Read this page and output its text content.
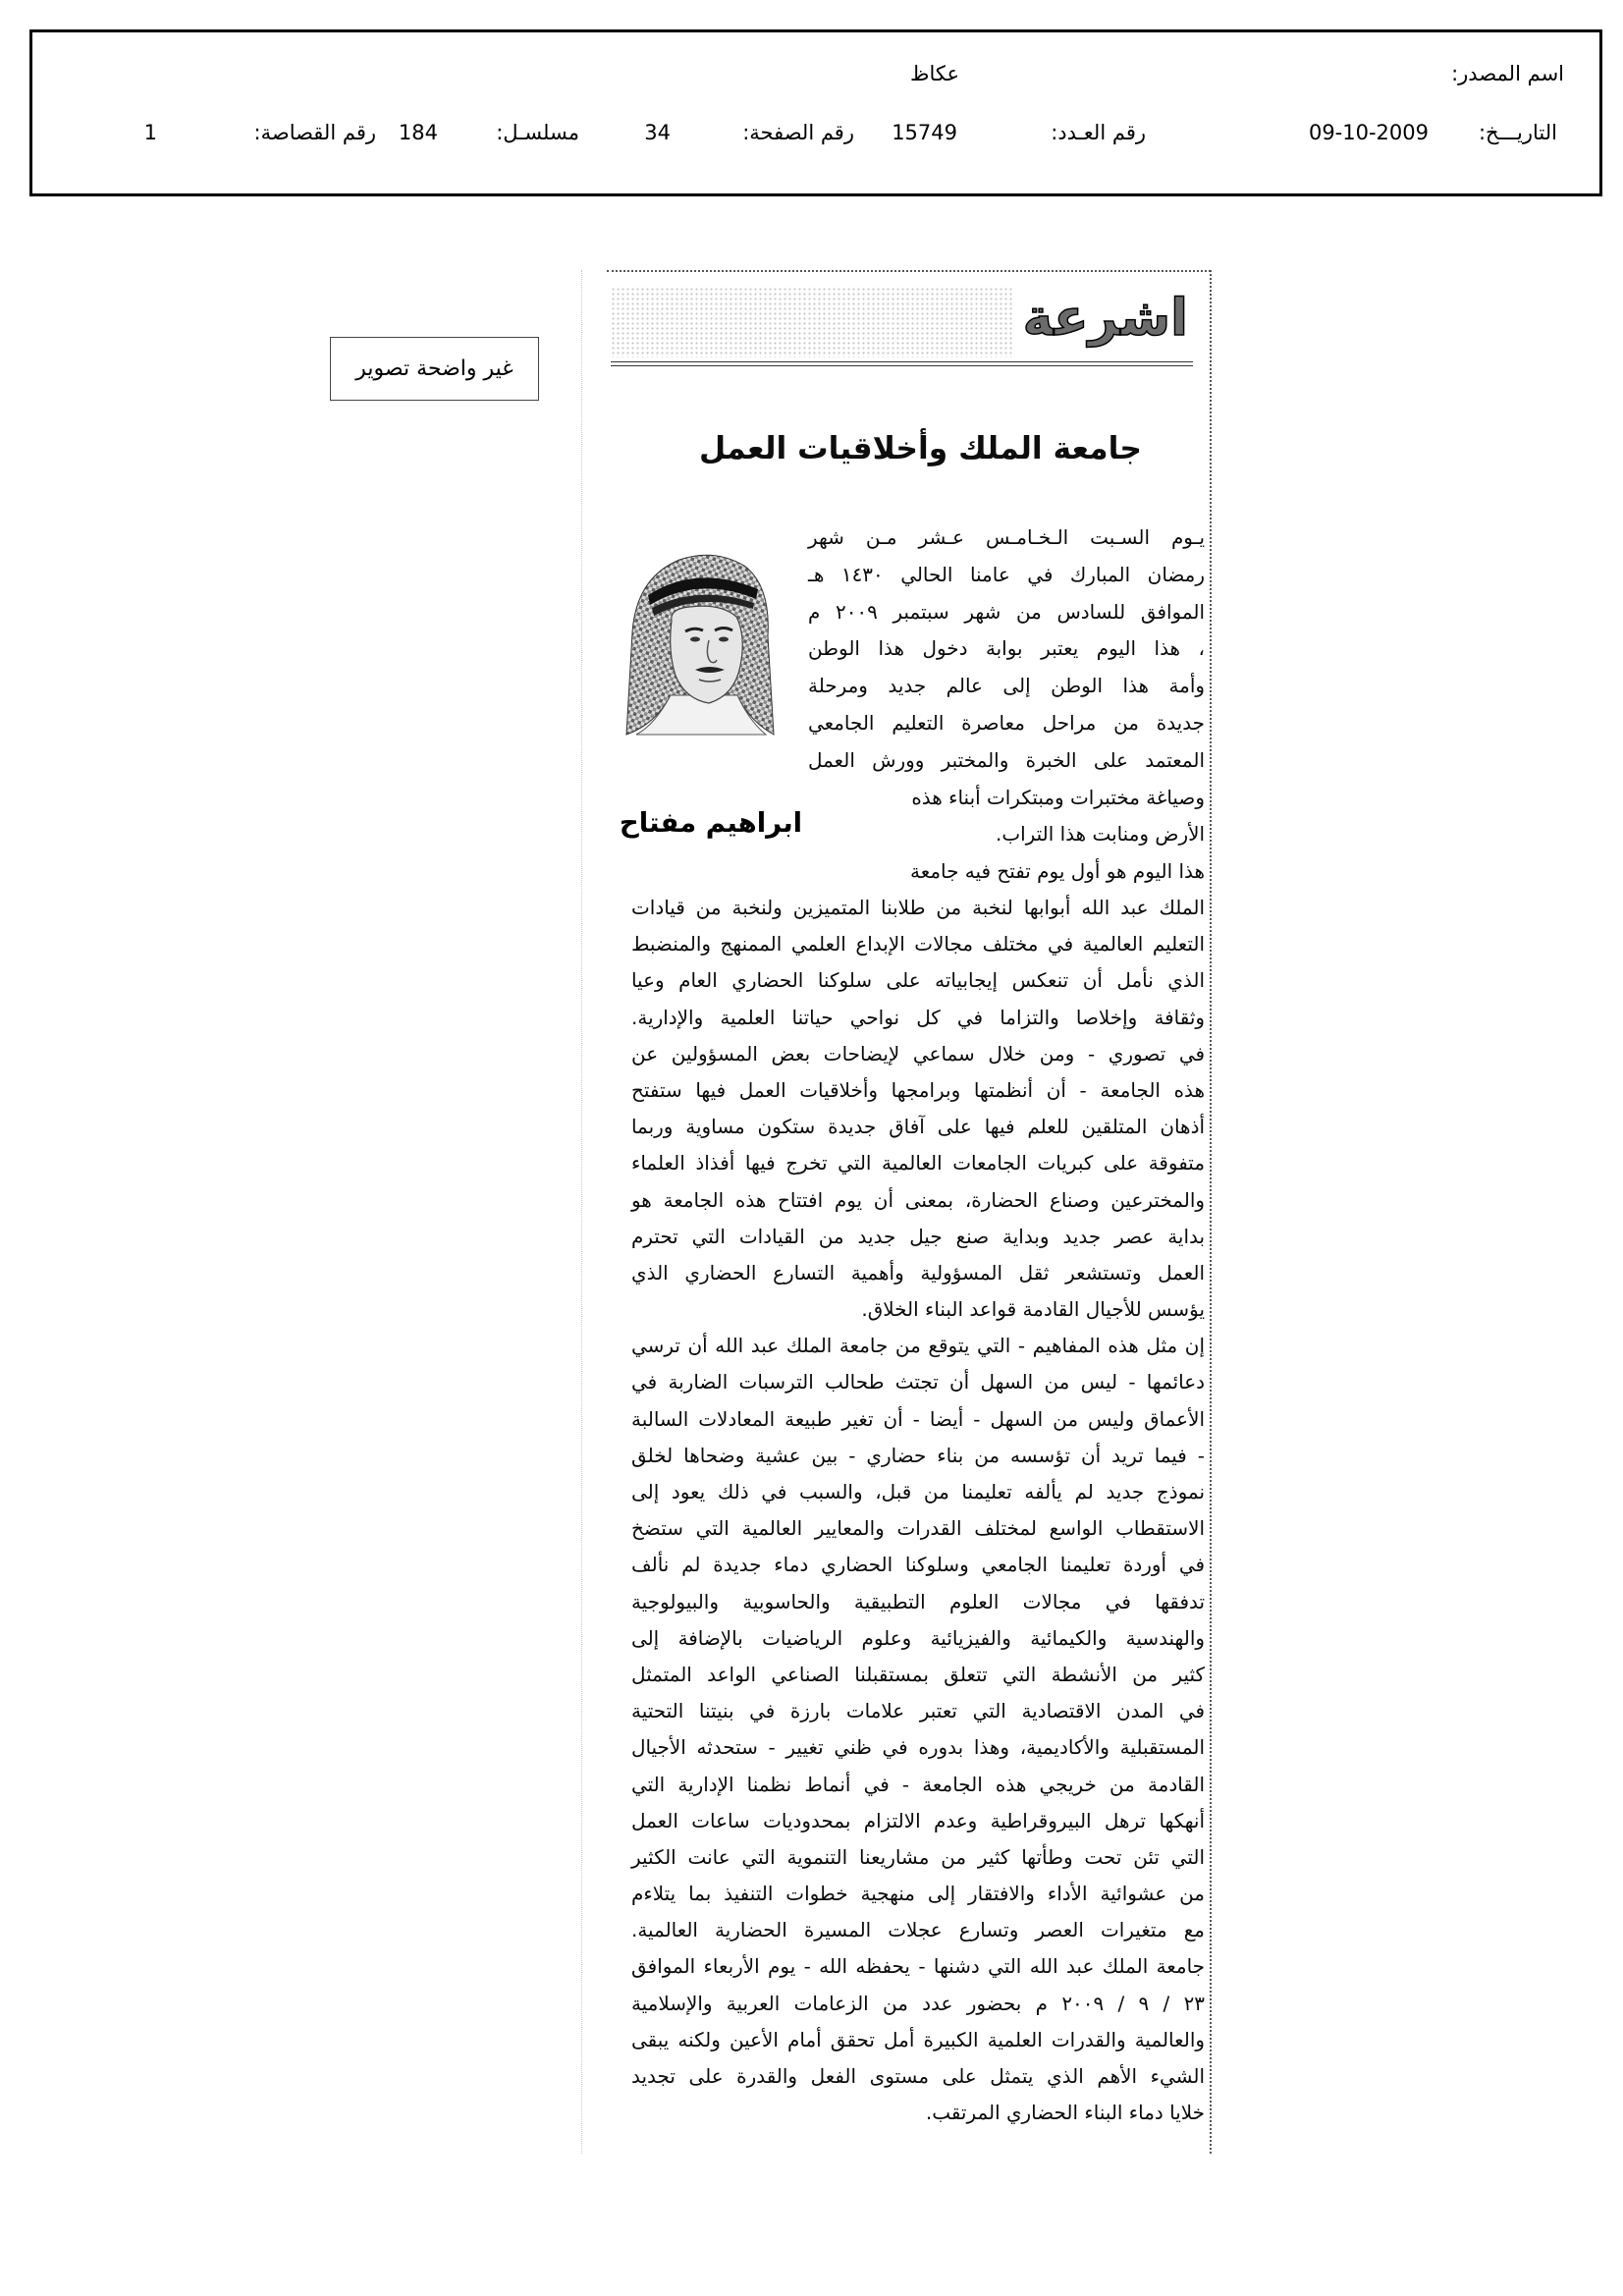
اسم المصدر:
عكاظ
التاريـــخ:
09-10-2009
رقم العـدد:
15749
رقم الصفحة:
34
مسلسـل:
184
رقم القصاصة:
1
غير واضحة تصوير
اشرعة
جامعة الملك وأخلاقيات العمل
ابراهيم مفتاح
يـوم السـبت الـخـامـس عـشر مـن شهر
رمضان المبارك في عامنا الحالي ١٤٣٠ هـ
الموافق للسادس من شهر سبتمبر ٢٠٠٩ م
، هذا اليوم يعتبر بوابة دخول هذا الوطن
وأمة هذا الوطن إلى عالم جديد ومرحلة
جديدة من مراحل معاصرة التعليم الجامعي
المعتمد على الخبرة والمختبر وورش العمل
وصياغة مختبرات ومبتكرات أبناء هذه
الأرض ومنابت هذا التراب.
هذا اليوم هو أول يوم تفتح فيه جامعة
الملك عبد الله أبوابها لنخبة من طلابنا المتميزين ولنخبة من قيادات
التعليم العالمية في مختلف مجالات الإبداع العلمي الممنهج والمنضبط
الذي نأمل أن تنعكس إيجابياته على سلوكنا الحضاري العام وعيا
وثقافة وإخلاصا والتزاما في كل نواحي حياتنا العلمية والإدارية.
في تصوري - ومن خلال سماعي لإيضاحات بعض المسؤولين عن
هذه الجامعة - أن أنظمتها وبرامجها وأخلاقيات العمل فيها ستفتح
أذهان المتلقين للعلم فيها على آفاق جديدة ستكون مساوية وربما
متفوقة على كبريات الجامعات العالمية التي تخرج فيها أفذاذ العلماء
والمخترعين وصناع الحضارة، بمعنى أن يوم افتتاح هذه الجامعة هو
بداية عصر جديد وبداية صنع جيل جديد من القيادات التي تحترم
العمل وتستشعر ثقل المسؤولية وأهمية التسارع الحضاري الذي
يؤسس للأجيال القادمة قواعد البناء الخلاق.
إن مثل هذه المفاهيم - التي يتوقع من جامعة الملك عبد الله أن ترسي
دعائمها - ليس من السهل أن تجتث طحالب الترسبات الضاربة في
الأعماق وليس من السهل - أيضا - أن تغير طبيعة المعادلات السالبة
- فيما تريد أن تؤسسه من بناء حضاري - بين عشية وضحاها لخلق
نموذج جديد لم يألفه تعليمنا من قبل، والسبب في ذلك يعود إلى
الاستقطاب الواسع لمختلف القدرات والمعايير العالمية التي ستضخ
في أوردة تعليمنا الجامعي وسلوكنا الحضاري دماء جديدة لم نألف
تدفقها في مجالات العلوم التطبيقية والحاسوبية والبيولوجية
والهندسية والكيمائية والفيزيائية وعلوم الرياضيات بالإضافة إلى
كثير من الأنشطة التي تتعلق بمستقبلنا الصناعي الواعد المتمثل
في المدن الاقتصادية التي تعتبر علامات بارزة في بنيتنا التحتية
المستقبلية والأكاديمية، وهذا بدوره في ظني تغيير - ستحدثه الأجيال
القادمة من خريجي هذه الجامعة - في أنماط نظمنا الإدارية التي
أنهكها ترهل البيروقراطية وعدم الالتزام بمحدوديات ساعات العمل
التي تئن تحت وطأتها كثير من مشاريعنا التنموية التي عانت الكثير
من عشوائية الأداء والافتقار إلى منهجية خطوات التنفيذ بما يتلاءم
مع متغيرات العصر وتسارع عجلات المسيرة الحضارية العالمية.
جامعة الملك عبد الله التي دشنها - يحفظه الله - يوم الأربعاء الموافق
٢٣ / ٩ / ٢٠٠٩ م بحضور عدد من الزعامات العربية والإسلامية
والعالمية والقدرات العلمية الكبيرة أمل تحقق أمام الأعين ولكنه يبقى
الشيء الأهم الذي يتمثل على مستوى الفعل والقدرة على تجديد
خلايا دماء البناء الحضاري المرتقب.
